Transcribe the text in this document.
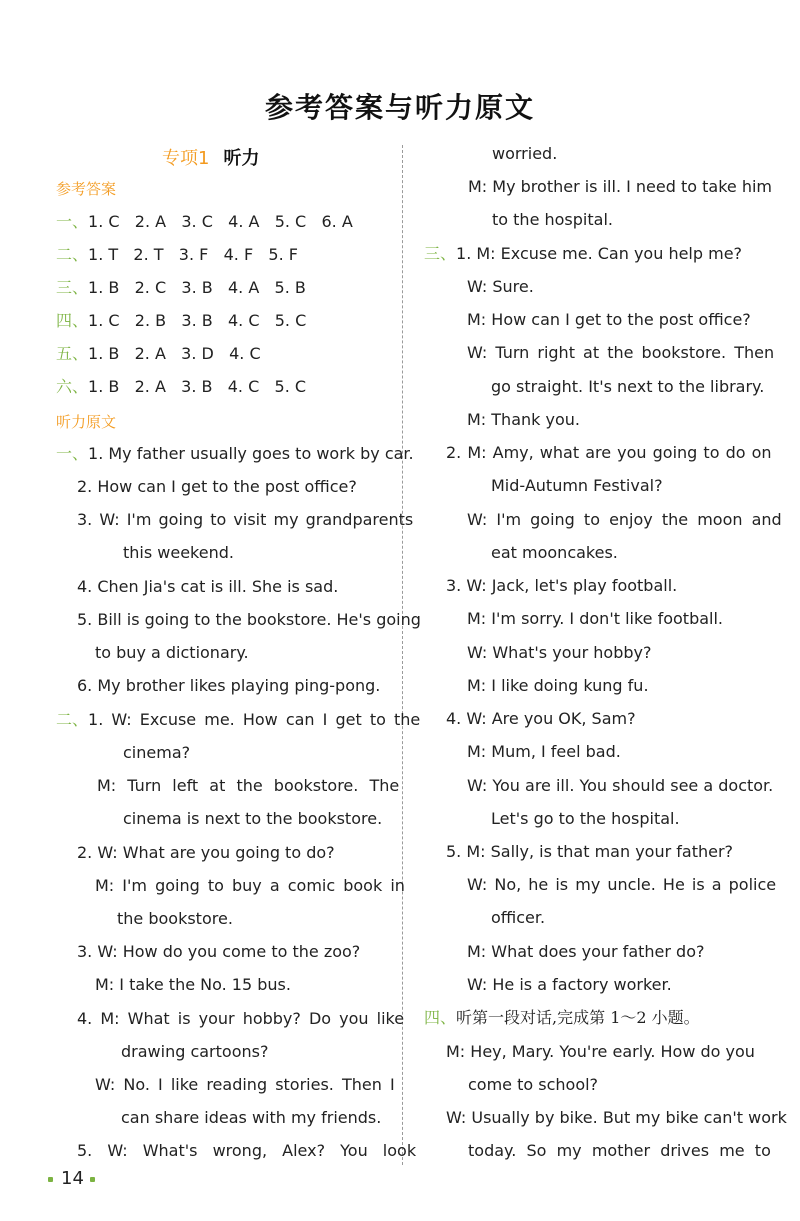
参考答案与听力原文
专项1 听力
参考答案
一、1. C   2. A   3. C   4. A   5. C   6. A
二、1. T   2. T   3. F   4. F   5. F
三、1. B   2. C   3. B   4. A   5. B
四、1. C   2. B   3. B   4. C   5. C
五、1. B   2. A   3. D   4. C
六、1. B   2. A   3. B   4. C   5. C
听力原文
一、1. My father usually goes to work by car.
2. How can I get to the post office?
3. W: I'm going to visit my grandparents
this weekend.
4. Chen Jia's cat is ill. She is sad.
5. Bill is going to the bookstore. He's going
to buy a dictionary.
6. My brother likes playing ping-pong.
二、1. W: Excuse me. How can I get to the
cinema?
M: Turn left at the bookstore. The
cinema is next to the bookstore.
2. W: What are you going to do?
M: I'm going to buy a comic book in
the bookstore.
3. W: How do you come to the zoo?
M: I take the No. 15 bus.
4. M: What is your hobby? Do you like
drawing cartoons?
W: No. I like reading stories. Then I
can share ideas with my friends.
5. W: What's wrong, Alex? You look
worried.
M: My brother is ill. I need to take him
to the hospital.
三、1. M: Excuse me. Can you help me?
W: Sure.
M: How can I get to the post office?
W: Turn right at the bookstore. Then
go straight. It's next to the library.
M: Thank you.
2. M: Amy, what are you going to do on
Mid-Autumn Festival?
W: I'm going to enjoy the moon and
eat mooncakes.
3. W: Jack, let's play football.
M: I'm sorry. I don't like football.
W: What's your hobby?
M: I like doing kung fu.
4. W: Are you OK, Sam?
M: Mum, I feel bad.
W: You are ill. You should see a doctor.
Let's go to the hospital.
5. M: Sally, is that man your father?
W: No, he is my uncle. He is a police
officer.
M: What does your father do?
W: He is a factory worker.
四、听第一段对话,完成第 1～2 小题。
M: Hey, Mary. You're early. How do you
come to school?
W: Usually by bike. But my bike can't work
today.  So  my  mother  drives  me  to
14
